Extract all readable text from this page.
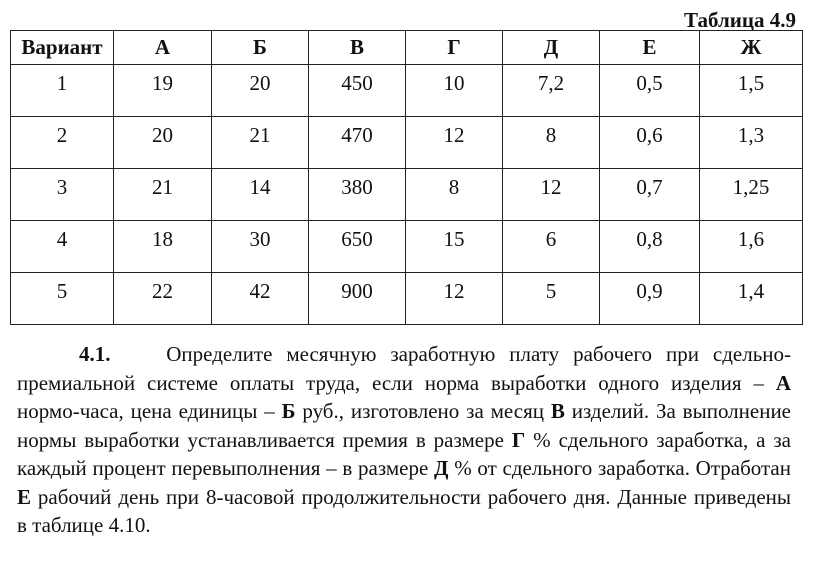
Таблица 4.9
Вариант	А	Б	В	Г	Д	Е	Ж
1	19	20	450	10	7,2	0,5	1,5
2	20	21	470	12	8	0,6	1,3
3	21	14	380	8	12	0,7	1,25
4	18	30	650	15	6	0,8	1,6
5	22	42	900	12	5	0,9	1,4

4.1.	Определите месячную заработную плату рабочего при сдельно-премиальной системе оплаты труда, если норма выработки одного изделия – А нормо-часа, цена единицы – Б руб., изготовлено за месяц В изделий. За выполнение нормы выработки устанавливается премия в размере Г % сдельного заработка, а за каждый процент перевыполнения – в размере Д % от сдельного заработка. Отработан Е рабочий день при 8-часовой продолжительности рабочего дня. Данные приведены в таблице 4.10.
